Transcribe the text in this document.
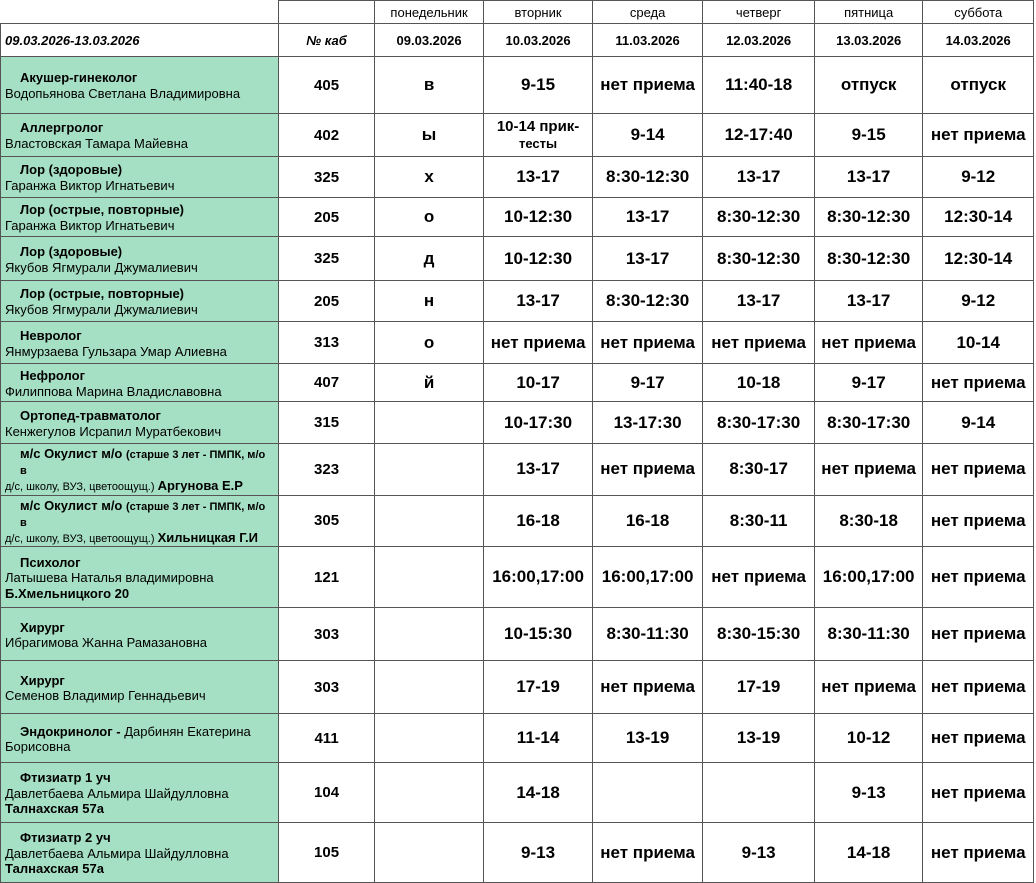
		понедельник	вторник	среда	четверг	пятница	суббота
09.03.2026-13.03.2026	№ каб	09.03.2026	10.03.2026	11.03.2026	12.03.2026	13.03.2026	14.03.2026

Акушер-гинеколог
Водопьянова Светлана Владимировна	405	в	9-15	нет приема	11:40-18	отпуск	отпуск

Аллергролог
Властовская Тамара Майевна	402	ы	10-14 прик-
тесты	9-14	12-17:40	9-15	нет приема

Лор (здоровые)
Гаранжа Виктор Игнатьевич	325	х	13-17	8:30-12:30	13-17	13-17	9-12

Лор (острые, повторные)
Гаранжа Виктор Игнатьевич	205	о	10-12:30	13-17	8:30-12:30	8:30-12:30	12:30-14

Лор (здоровые)
Якубов Ягмурали Джумалиевич	325	д	10-12:30	13-17	8:30-12:30	8:30-12:30	12:30-14

Лор (острые, повторные)
Якубов Ягмурали Джумалиевич	205	н	13-17	8:30-12:30	13-17	13-17	9-12

Невролог
Янмурзаева Гульзара Умар Алиевна	313	о	нет приема	нет приема	нет приема	нет приема	10-14

Нефролог
Филиппова Марина Владиславовна	407	й	10-17	9-17	10-18	9-17	нет приема

Ортопед-травматолог
Кенжегулов Исрапил Муратбекович	315		10-17:30	13-17:30	8:30-17:30	8:30-17:30	9-14

м/с Окулист м/о (старше 3 лет - ПМПК, м/о в
д/с, школу, ВУЗ, цветоощущ.) Аргунова Е.Р	323		13-17	нет приема	8:30-17	нет приема	нет приема

м/с Окулист м/о (старше 3 лет - ПМПК, м/о в
д/с, школу, ВУЗ, цветоощущ.) Хильницкая Г.И	305		16-18	16-18	8:30-11	8:30-18	нет приема

Психолог
Латышева Наталья владимировна
Б.Хмельницкого 20	121		16:00,17:00	16:00,17:00	нет приема	16:00,17:00	нет приема

Хирург
Ибрагимова Жанна Рамазановна	303		10-15:30	8:30-11:30	8:30-15:30	8:30-11:30	нет приема

Хирург
Семенов Владимир Геннадьевич	303		17-19	нет приема	17-19	нет приема	нет приема

Эндокринолог - Дарбинян Екатерина
Борисовна	411		11-14	13-19	13-19	10-12	нет приема

Фтизиатр 1 уч
Давлетбаева Альмира Шайдулловна
Талнахская 57а	104		14-18			9-13	нет приема

Фтизиатр 2 уч
Давлетбаева Альмира Шайдулловна
Талнахская 57а	105		9-13	нет приема	9-13	14-18	нет приема
